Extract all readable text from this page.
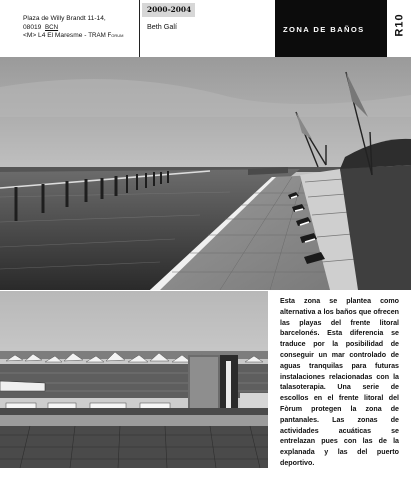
Plaza de Willy Brandt 11-14,
08019 BCN
<M> L4 El Maresme - TRAM Forum
2000-2004
Beth Galí	ZONA DE BAÑOS	R10
Esta zona se plantea como alternativa a los baños que ofrecen las playas del frente litoral barcelonés. Esta diferencia se traduce por la posibilidad de conseguir un mar controlado de aguas tranquilas para futuras instalaciones relacionadas con la talasoterapia. Una serie de escollos en el frente litoral del Fòrum protegen la zona de pantanales. Las zonas de actividades acuáticas se entrelazan pues con las de la explanada y las del puerto deportivo.
